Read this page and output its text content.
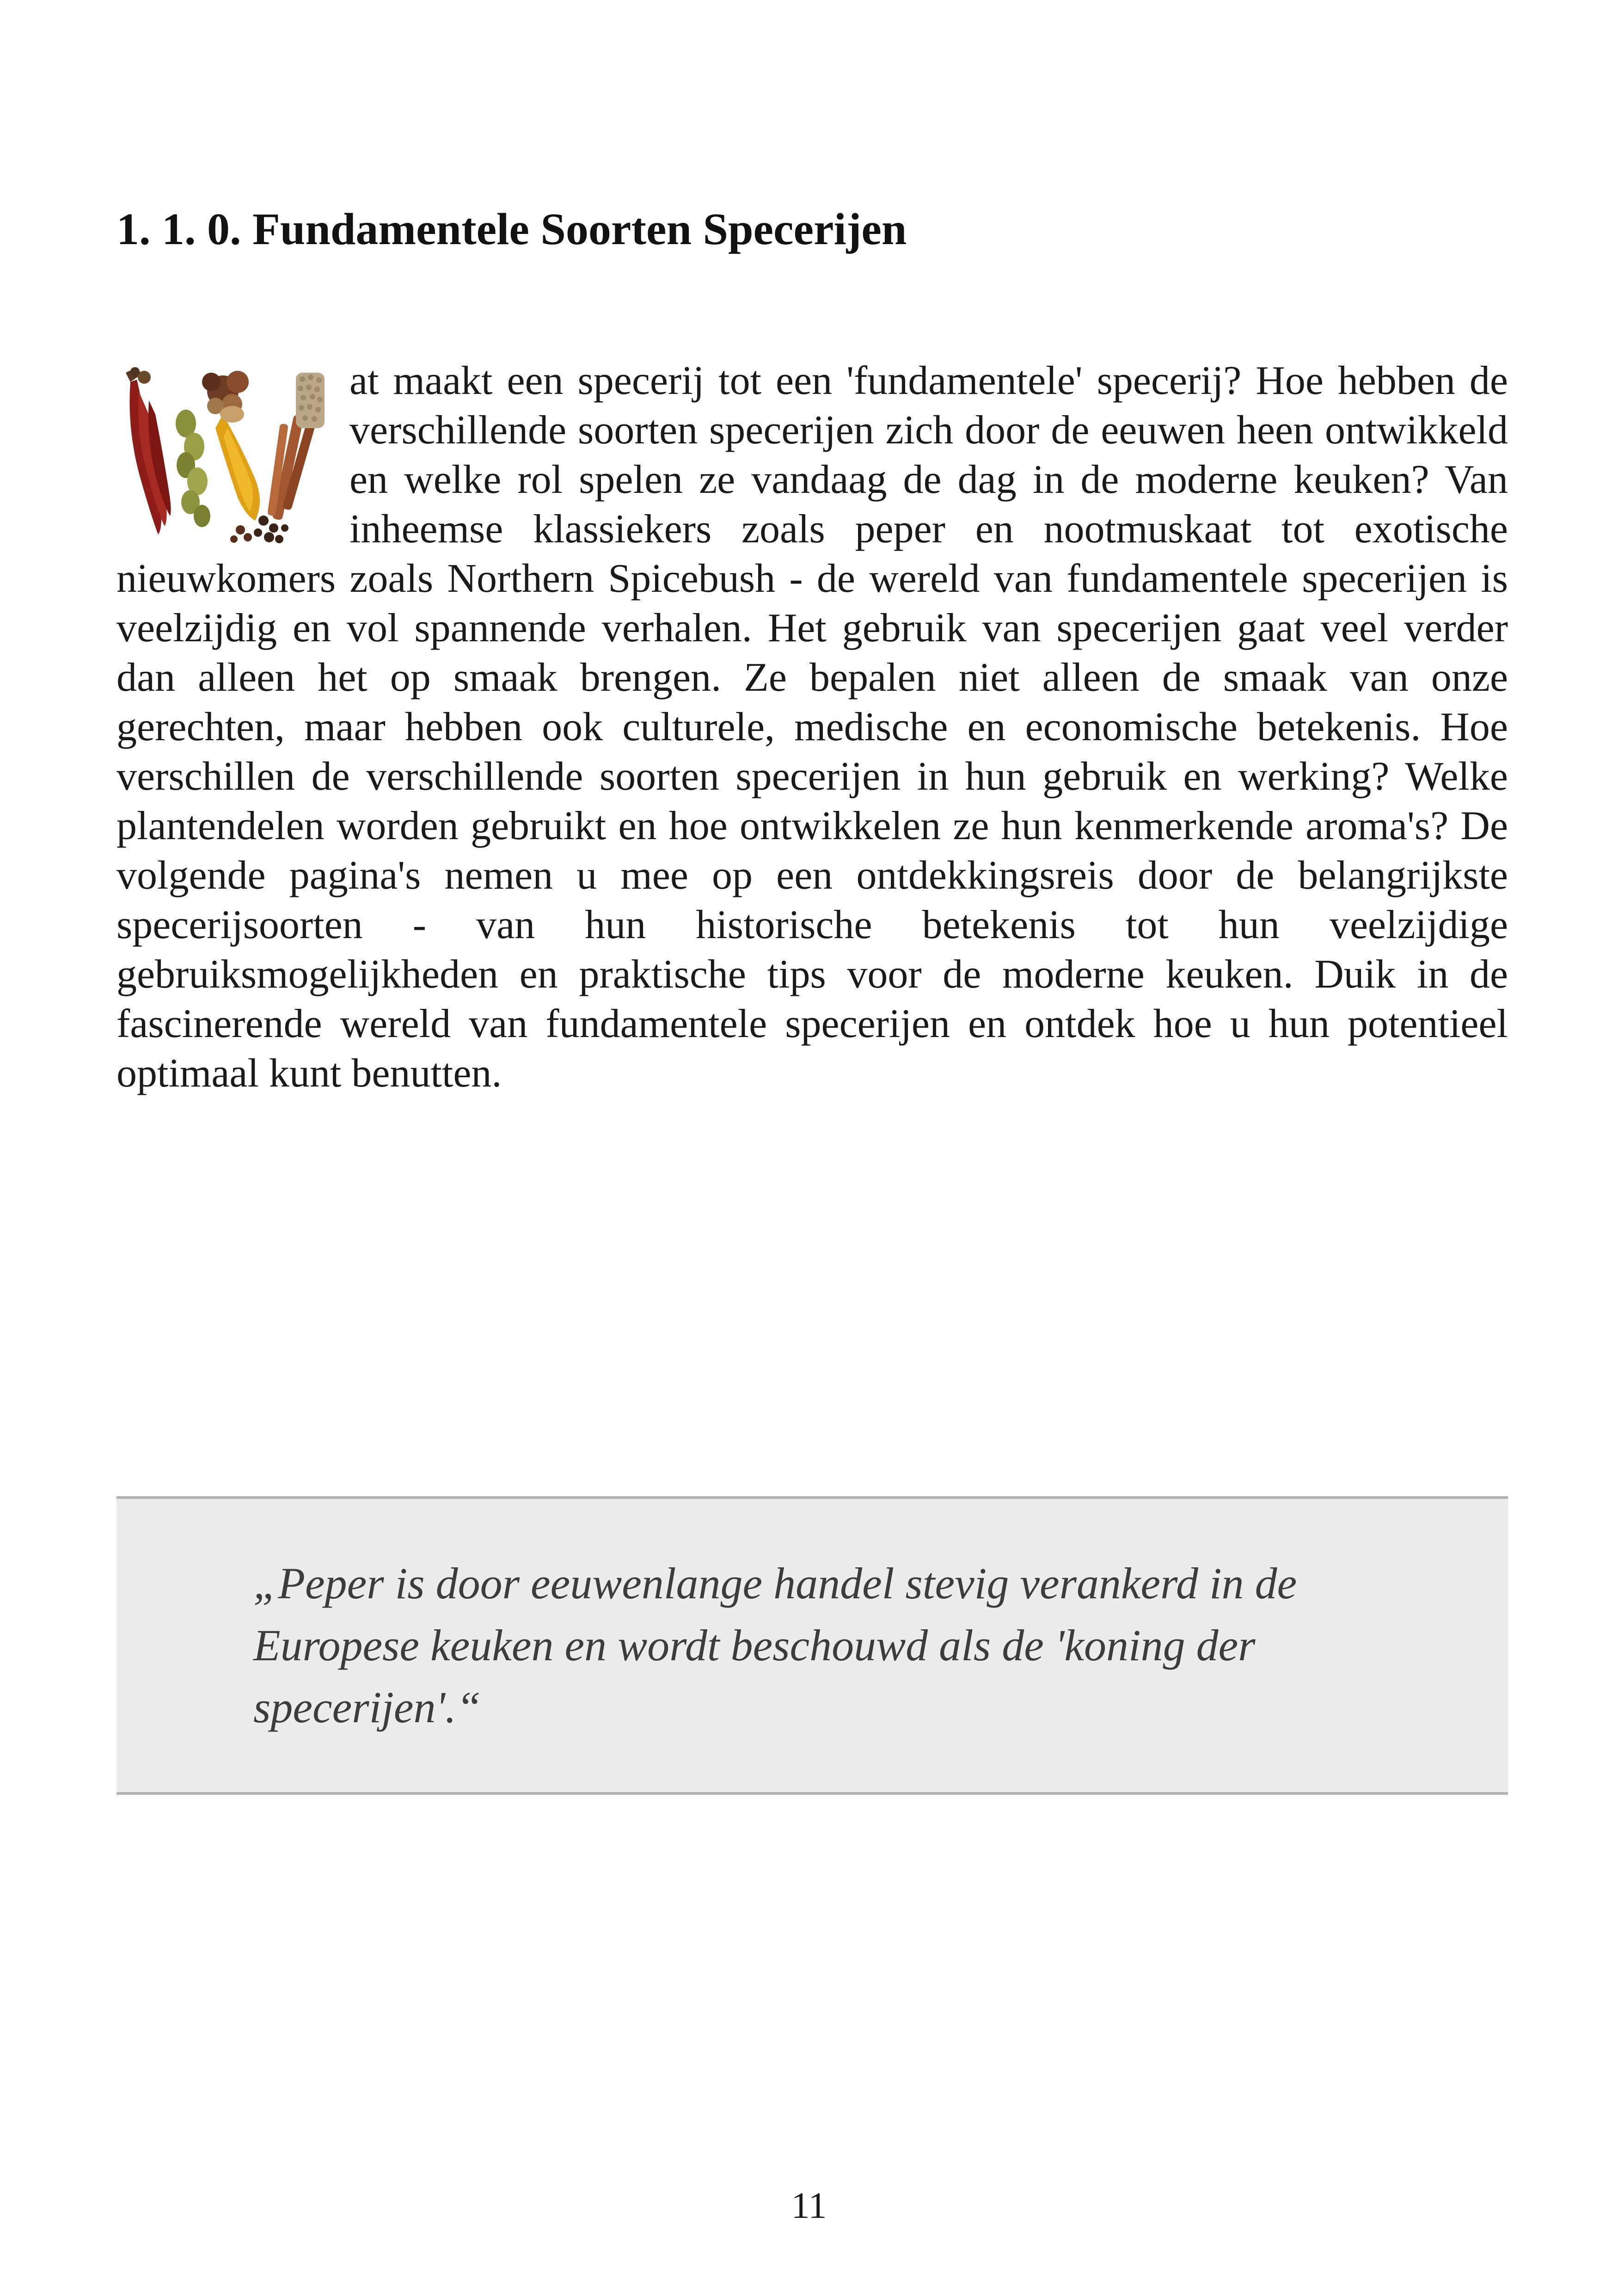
1. 1. 0. Fundamentele Soorten Specerijen

at maakt een specerij tot een 'fundamentele' specerij? Hoe hebben de verschillende soorten specerijen zich door de eeuwen heen ontwikkeld en welke rol spelen ze vandaag de dag in de moderne keuken? Van inheemse klassiekers zoals peper en nootmuskaat tot exotische nieuwkomers zoals Northern Spicebush - de wereld van fundamentele specerijen is veelzijdig en vol spannende verhalen. Het gebruik van specerijen gaat veel verder dan alleen het op smaak brengen. Ze bepalen niet alleen de smaak van onze gerechten, maar hebben ook culturele, medische en economische betekenis. Hoe verschillen de verschillende soorten specerijen in hun gebruik en werking? Welke plantendelen worden gebruikt en hoe ontwikkelen ze hun kenmerkende aroma's? De volgende pagina's nemen u mee op een ontdekkingsreis door de belangrijkste specerijsoorten - van hun historische betekenis tot hun veelzijdige gebruiksmogelijkheden en praktische tips voor de moderne keuken. Duik in de fascinerende wereld van fundamentele specerijen en ontdek hoe u hun potentieel optimaal kunt benutten.

„Peper is door eeuwenlange handel stevig verankerd in de Europese keuken en wordt beschouwd als de 'koning der specerijen'.“

11
